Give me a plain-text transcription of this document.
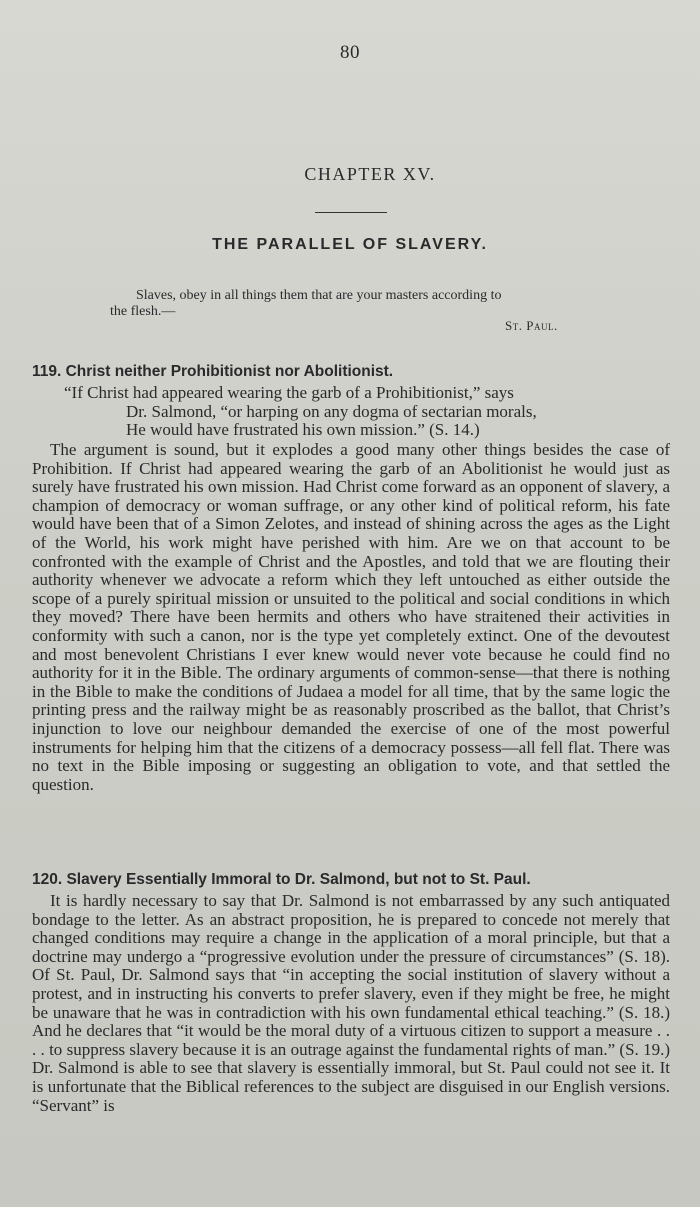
80
CHAPTER XV.
THE PARALLEL OF SLAVERY.
Slaves, obey in all things them that are your masters according to
the flesh.—
St. Paul.
119. Christ neither Prohibitionist nor Abolitionist.
“If Christ had appeared wearing the garb of a Prohibitionist,” says
Dr. Salmond, “or harping on any dogma of sectarian morals,
He would have frustrated his own mission.” (S. 14.)

The argument is sound, but it explodes a good many other things besides the case of Prohibition. If Christ had appeared wearing the garb of an Abolitionist he would just as surely have frustrated his own mission. Had Christ come forward as an opponent of slavery, a champion of democracy or woman suffrage, or any other kind of political reform, his fate would have been that of a Simon Zelotes, and instead of shining across the ages as the Light of the World, his work might have perished with him. Are we on that account to be confronted with the example of Christ and the Apostles, and told that we are flouting their authority whenever we advocate a reform which they left untouched as either outside the scope of a purely spiritual mission or unsuited to the political and social conditions in which they moved? There have been hermits and others who have straitened their activities in conformity with such a canon, nor is the type yet completely extinct. One of the devoutest and most benevolent Christians I ever knew would never vote because he could find no authority for it in the Bible. The ordinary arguments of common-sense—that there is nothing in the Bible to make the conditions of Judaea a model for all time, that by the same logic the printing press and the railway might be as reasonably proscribed as the ballot, that Christ’s injunction to love our neighbour demanded the exercise of one of the most powerful instruments for helping him that the citizens of a democracy possess—all fell flat. There was no text in the Bible imposing or suggesting an obligation to vote, and that settled the question.

120. Slavery Essentially Immoral to Dr. Salmond, but not to St. Paul.

It is hardly necessary to say that Dr. Salmond is not embarrassed by any such antiquated bondage to the letter. As an abstract proposition, he is prepared to concede not merely that changed conditions may require a change in the application of a moral principle, but that a doctrine may undergo a “progressive evolution under the pressure of circumstances” (S. 18). Of St. Paul, Dr. Salmond says that “in accepting the social institution of slavery without a protest, and in instructing his converts to prefer slavery, even if they might be free, he might be unaware that he was in contradiction with his own fundamental ethical teaching.” (S. 18.) And he declares that “it would be the moral duty of a virtuous citizen to support a measure . . . . to suppress slavery because it is an outrage against the fundamental rights of man.” (S. 19.) Dr. Salmond is able to see that slavery is essentially immoral, but St. Paul could not see it. It is unfortunate that the Biblical references to the subject are disguised in our English versions. “Servant” is
